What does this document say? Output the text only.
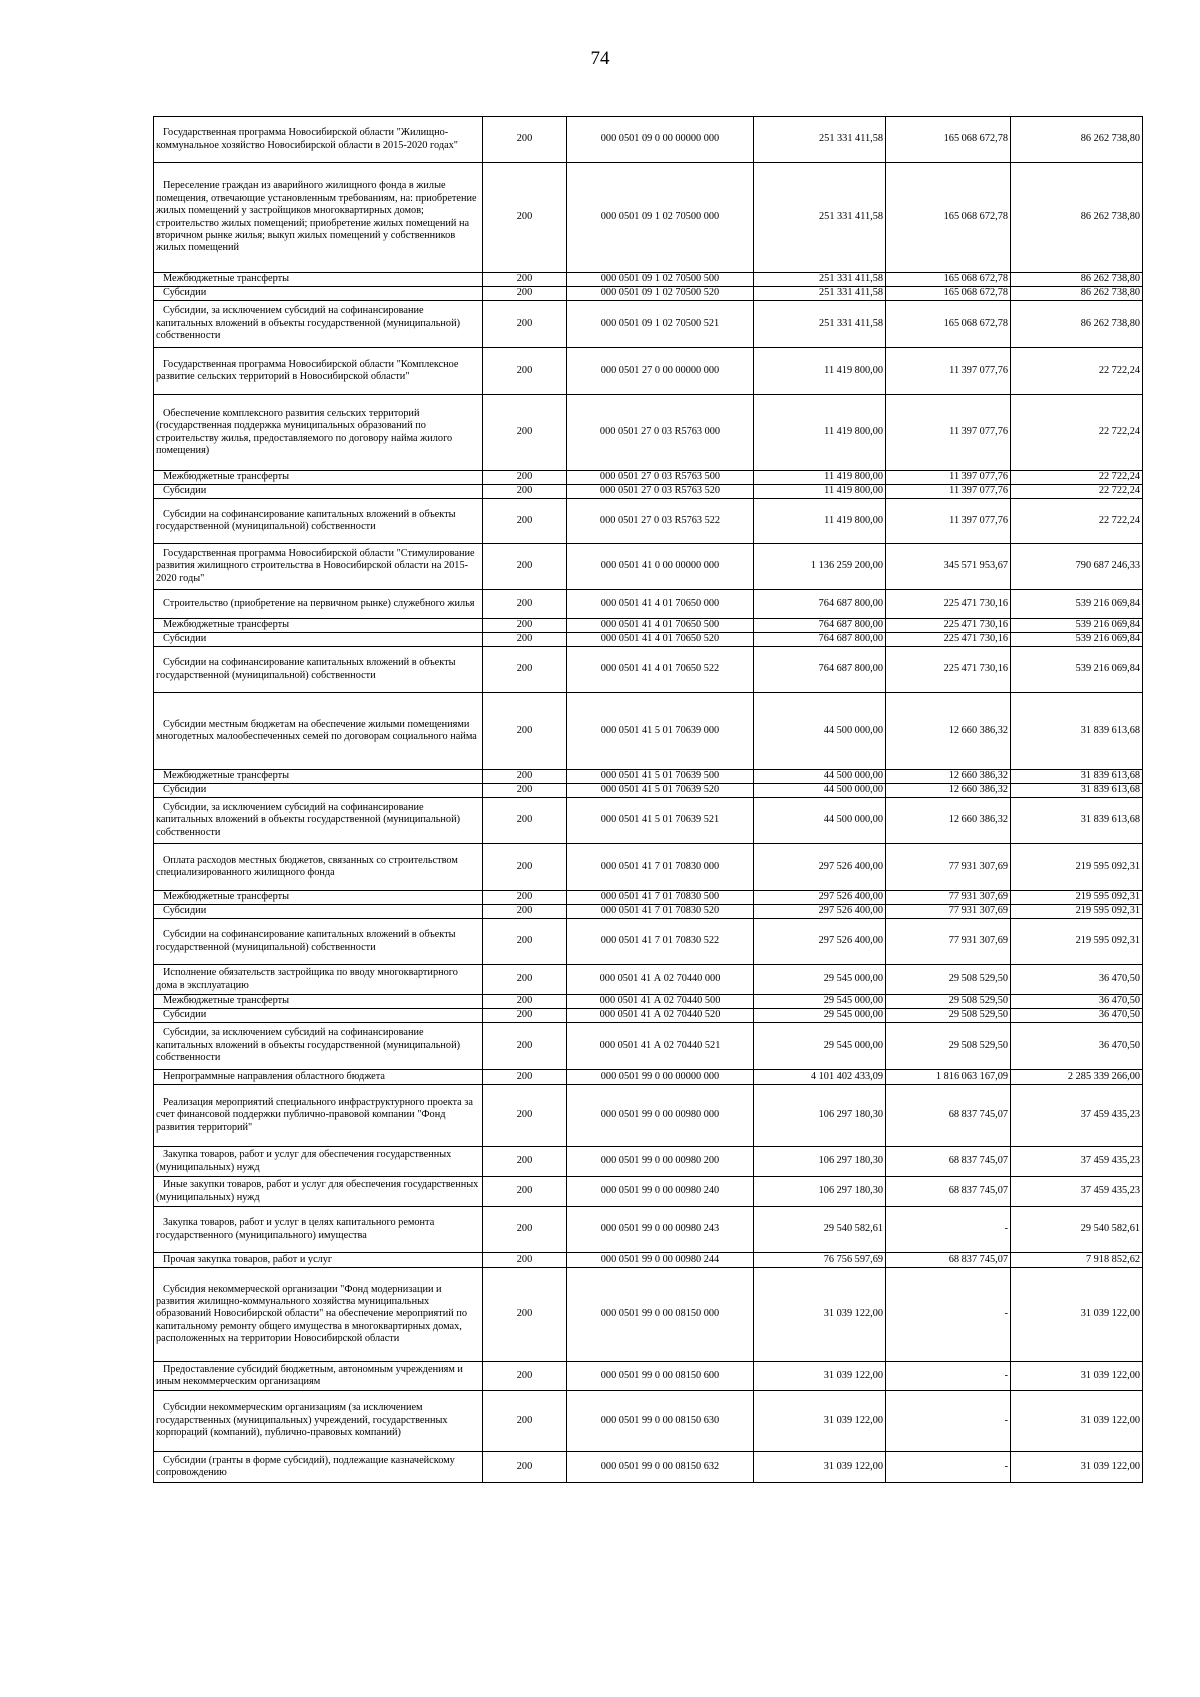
74
Государственная программа Новосибирской области "Жилищно-коммунальное хозяйство Новосибирской области в 2015-2020 годах"	200	000 0501 09 0 00 00000 000	251 331 411,58	165 068 672,78	86 262 738,80
Переселение граждан из аварийного жилищного фонда в жилые помещения, отвечающие установленным требованиям, на: приобретение жилых помещений у застройщиков многоквартирных домов; строительство жилых помещений; приобретение жилых помещений на вторичном рынке жилья; выкуп жилых помещений у собственников жилых помещений	200	000 0501 09 1 02 70500 000	251 331 411,58	165 068 672,78	86 262 738,80
Межбюджетные трансферты	200	000 0501 09 1 02 70500 500	251 331 411,58	165 068 672,78	86 262 738,80
Субсидии	200	000 0501 09 1 02 70500 520	251 331 411,58	165 068 672,78	86 262 738,80
Субсидии, за исключением субсидий на софинансирование капитальных вложений в объекты государственной (муниципальной) собственности	200	000 0501 09 1 02 70500 521	251 331 411,58	165 068 672,78	86 262 738,80
Государственная программа Новосибирской области "Комплексное развитие сельских территорий в Новосибирской области"	200	000 0501 27 0 00 00000 000	11 419 800,00	11 397 077,76	22 722,24
Обеспечение комплексного развития сельских территорий (государственная поддержка муниципальных образований по строительству жилья, предоставляемого по договору найма жилого помещения)	200	000 0501 27 0 03 R5763 000	11 419 800,00	11 397 077,76	22 722,24
Межбюджетные трансферты	200	000 0501 27 0 03 R5763 500	11 419 800,00	11 397 077,76	22 722,24
Субсидии	200	000 0501 27 0 03 R5763 520	11 419 800,00	11 397 077,76	22 722,24
Субсидии на софинансирование капитальных вложений в объекты государственной (муниципальной) собственности	200	000 0501 27 0 03 R5763 522	11 419 800,00	11 397 077,76	22 722,24
Государственная программа Новосибирской области "Стимулирование развития жилищного строительства в Новосибирской области на 2015-2020 годы"	200	000 0501 41 0 00 00000 000	1 136 259 200,00	345 571 953,67	790 687 246,33
Строительство (приобретение на первичном рынке) служебного жилья	200	000 0501 41 4 01 70650 000	764 687 800,00	225 471 730,16	539 216 069,84
Межбюджетные трансферты	200	000 0501 41 4 01 70650 500	764 687 800,00	225 471 730,16	539 216 069,84
Субсидии	200	000 0501 41 4 01 70650 520	764 687 800,00	225 471 730,16	539 216 069,84
Субсидии на софинансирование капитальных вложений в объекты государственной (муниципальной) собственности	200	000 0501 41 4 01 70650 522	764 687 800,00	225 471 730,16	539 216 069,84
Субсидии местным бюджетам на обеспечение жилыми помещениями многодетных малообеспеченных семей по договорам социального найма	200	000 0501 41 5 01 70639 000	44 500 000,00	12 660 386,32	31 839 613,68
Межбюджетные трансферты	200	000 0501 41 5 01 70639 500	44 500 000,00	12 660 386,32	31 839 613,68
Субсидии	200	000 0501 41 5 01 70639 520	44 500 000,00	12 660 386,32	31 839 613,68
Субсидии, за исключением субсидий на софинансирование капитальных вложений в объекты государственной (муниципальной) собственности	200	000 0501 41 5 01 70639 521	44 500 000,00	12 660 386,32	31 839 613,68
Оплата расходов местных бюджетов, связанных со строительством специализированного жилищного фонда	200	000 0501 41 7 01 70830 000	297 526 400,00	77 931 307,69	219 595 092,31
Межбюджетные трансферты	200	000 0501 41 7 01 70830 500	297 526 400,00	77 931 307,69	219 595 092,31
Субсидии	200	000 0501 41 7 01 70830 520	297 526 400,00	77 931 307,69	219 595 092,31
Субсидии на софинансирование капитальных вложений в объекты государственной (муниципальной) собственности	200	000 0501 41 7 01 70830 522	297 526 400,00	77 931 307,69	219 595 092,31
Исполнение обязательств застройщика по вводу многоквартирного дома в эксплуатацию	200	000 0501 41 А 02 70440 000	29 545 000,00	29 508 529,50	36 470,50
Межбюджетные трансферты	200	000 0501 41 А 02 70440 500	29 545 000,00	29 508 529,50	36 470,50
Субсидии	200	000 0501 41 А 02 70440 520	29 545 000,00	29 508 529,50	36 470,50
Субсидии, за исключением субсидий на софинансирование капитальных вложений в объекты государственной (муниципальной) собственности	200	000 0501 41 А 02 70440 521	29 545 000,00	29 508 529,50	36 470,50
Непрограммные направления областного бюджета	200	000 0501 99 0 00 00000 000	4 101 402 433,09	1 816 063 167,09	2 285 339 266,00
Реализация мероприятий специального инфраструктурного проекта за счет финансовой поддержки публично-правовой компании "Фонд развития территорий"	200	000 0501 99 0 00 00980 000	106 297 180,30	68 837 745,07	37 459 435,23
Закупка товаров, работ и услуг для обеспечения государственных (муниципальных) нужд	200	000 0501 99 0 00 00980 200	106 297 180,30	68 837 745,07	37 459 435,23
Иные закупки товаров, работ и услуг для обеспечения государственных (муниципальных) нужд	200	000 0501 99 0 00 00980 240	106 297 180,30	68 837 745,07	37 459 435,23
Закупка товаров, работ и услуг в целях капитального ремонта государственного (муниципального) имущества	200	000 0501 99 0 00 00980 243	29 540 582,61	-	29 540 582,61
Прочая закупка товаров, работ и услуг	200	000 0501 99 0 00 00980 244	76 756 597,69	68 837 745,07	7 918 852,62
Субсидия некоммерческой организации "Фонд модернизации и развития жилищно-коммунального хозяйства муниципальных образований Новосибирской области" на обеспечение мероприятий по капитальному ремонту общего имущества в многоквартирных домах, расположенных на территории Новосибирской области	200	000 0501 99 0 00 08150 000	31 039 122,00	-	31 039 122,00
Предоставление субсидий бюджетным, автономным учреждениям и иным некоммерческим организациям	200	000 0501 99 0 00 08150 600	31 039 122,00	-	31 039 122,00
Субсидии некоммерческим организациям (за исключением государственных (муниципальных) учреждений, государственных корпораций (компаний), публично-правовых компаний)	200	000 0501 99 0 00 08150 630	31 039 122,00	-	31 039 122,00
Субсидии (гранты в форме субсидий), подлежащие казначейскому сопровождению	200	000 0501 99 0 00 08150 632	31 039 122,00	-	31 039 122,00
